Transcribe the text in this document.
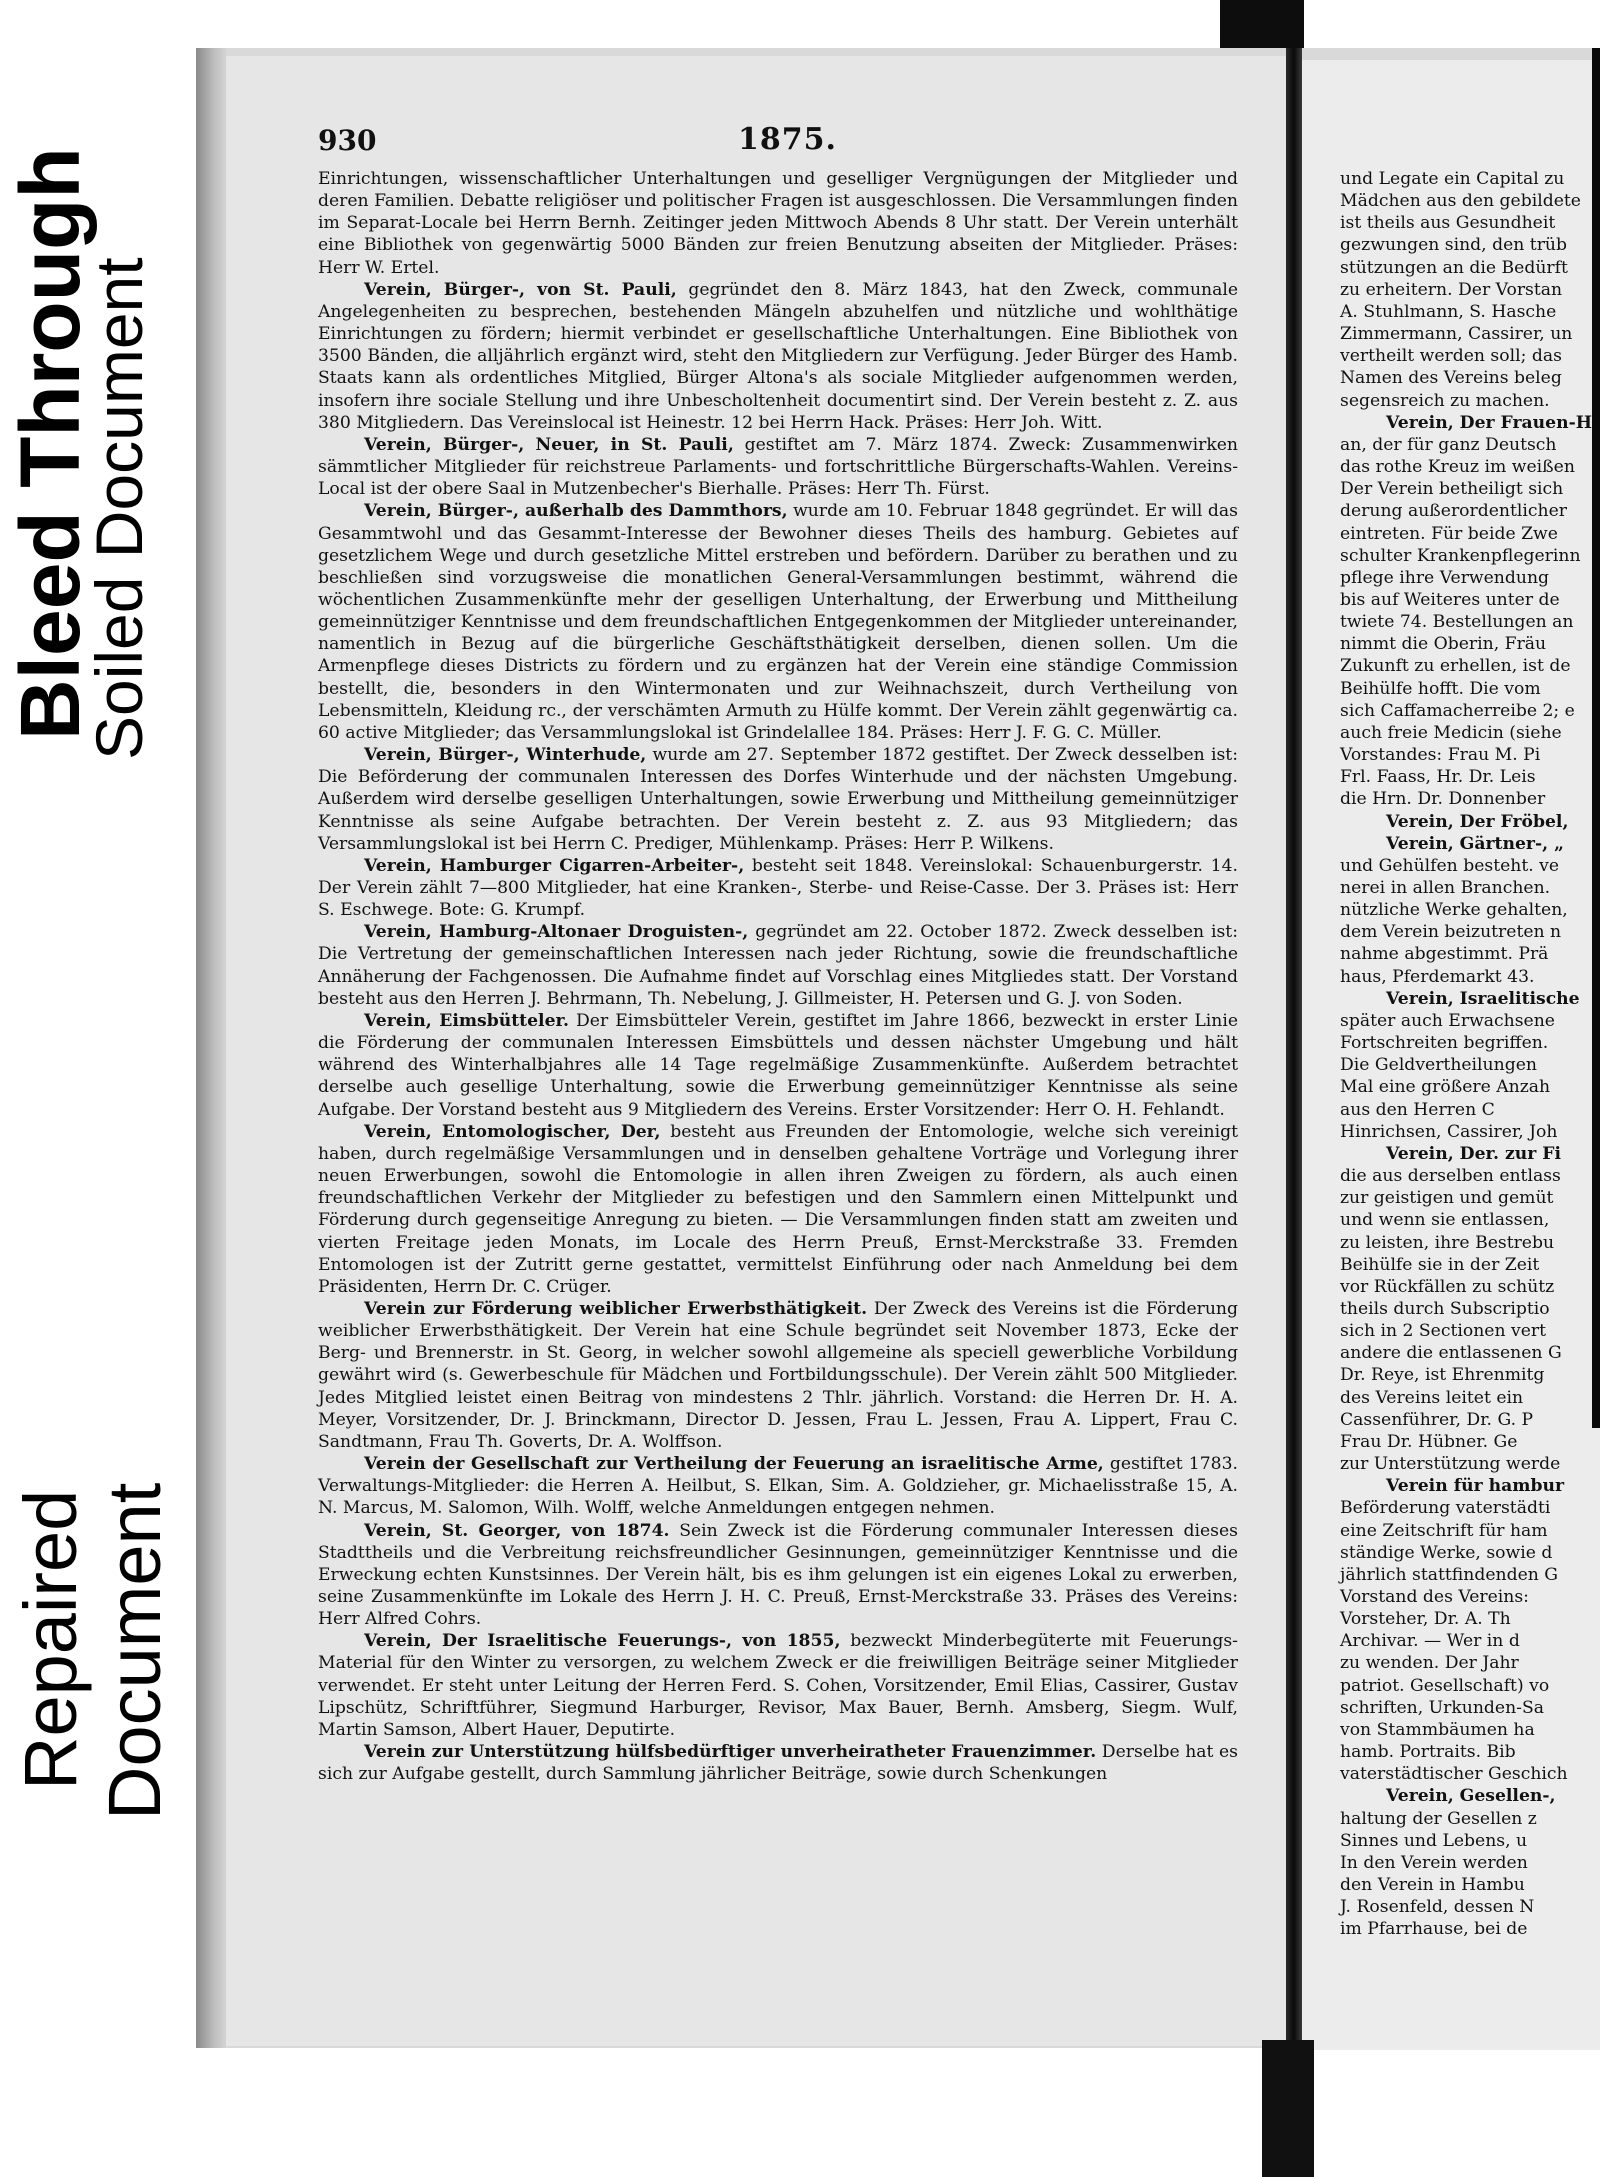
Bleed Through
Soiled Document
Repaired Document
930	1875.

Einrichtungen, wissenschaftlicher Unterhaltungen und geselliger Vergnügungen der Mitglieder und deren Familien. Debatte religiöser und politischer Fragen ist ausgeschlossen. Die Versammlungen finden im Separat-Locale bei Herrn Bernh. Zeitinger jeden Mittwoch Abends 8 Uhr statt. Der Verein unterhält eine Bibliothek von gegenwärtig 5000 Bänden zur freien Benutzung abseiten der Mitglieder. Präses: Herr W. Ertel.

Verein, Bürger-, von St. Pauli, gegründet den 8. März 1843, hat den Zweck, communale Angelegenheiten zu besprechen, bestehenden Mängeln abzuhelfen und nützliche und wohlthätige Einrichtungen zu fördern; hiermit verbindet er gesellschaftliche Unterhaltungen. Eine Bibliothek von 3500 Bänden, die alljährlich ergänzt wird, steht den Mitgliedern zur Verfügung. Jeder Bürger des Hamb. Staats kann als ordentliches Mitglied, Bürger Altona's als sociale Mitglieder aufgenommen werden, insofern ihre sociale Stellung und ihre Unbescholtenheit documentirt sind. Der Verein besteht z. Z. aus 380 Mitgliedern. Das Vereinslocal ist Heinestr. 12 bei Herrn Hack. Präses: Herr Joh. Witt.

Verein, Bürger-, Neuer, in St. Pauli, gestiftet am 7. März 1874. Zweck: Zusammenwirken sämmtlicher Mitglieder für reichstreue Parlaments- und fortschrittliche Bürgerschafts-Wahlen. Vereins-Local ist der obere Saal in Mutzenbecher's Bierhalle. Präses: Herr Th. Fürst.

Verein, Bürger-, außerhalb des Dammthors, wurde am 10. Februar 1848 gegründet. Er will das Gesammtwohl und das Gesammt-Interesse der Bewohner dieses Theils des hamburg. Gebietes auf gesetzlichem Wege und durch gesetzliche Mittel erstreben und befördern. Darüber zu berathen und zu beschließen sind vorzugsweise die monatlichen General-Versammlungen bestimmt, während die wöchentlichen Zusammenkünfte mehr der geselligen Unterhaltung, der Erwerbung und Mittheilung gemeinnütziger Kenntnisse und dem freundschaftlichen Entgegenkommen der Mitglieder untereinander, namentlich in Bezug auf die bürgerliche Geschäftsthätigkeit derselben, dienen sollen. Um die Armenpflege dieses Districts zu fördern und zu ergänzen hat der Verein eine ständige Commission bestellt, die, besonders in den Wintermonaten und zur Weihnachszeit, durch Vertheilung von Lebensmitteln, Kleidung rc., der verschämten Armuth zu Hülfe kommt. Der Verein zählt gegenwärtig ca. 60 active Mitglieder; das Versammlungslokal ist Grindelallee 184. Präses: Herr J. F. G. C. Müller.

Verein, Bürger-, Winterhude, wurde am 27. September 1872 gestiftet. Der Zweck desselben ist: Die Beförderung der communalen Interessen des Dorfes Winterhude und der nächsten Umgebung. Außerdem wird derselbe geselligen Unterhaltungen, sowie Erwerbung und Mittheilung gemeinnütziger Kenntnisse als seine Aufgabe betrachten. Der Verein besteht z. Z. aus 93 Mitgliedern; das Versammlungslokal ist bei Herrn C. Prediger, Mühlenkamp. Präses: Herr P. Wilkens.

Verein, Hamburger Cigarren-Arbeiter-, besteht seit 1848. Vereinslokal: Schauenburgerstr. 14. Der Verein zählt 7—800 Mitglieder, hat eine Kranken-, Sterbe- und Reise-Casse. Der 3. Präses ist: Herr S. Eschwege. Bote: G. Krumpf.

Verein, Hamburg-Altonaer Droguisten-, gegründet am 22. October 1872. Zweck desselben ist: Die Vertretung der gemeinschaftlichen Interessen nach jeder Richtung, sowie die freundschaftliche Annäherung der Fachgenossen. Die Aufnahme findet auf Vorschlag eines Mitgliedes statt. Der Vorstand besteht aus den Herren J. Behrmann, Th. Nebelung, J. Gillmeister, H. Petersen und G. J. von Soden.

Verein, Eimsbütteler. Der Eimsbütteler Verein, gestiftet im Jahre 1866, bezweckt in erster Linie die Förderung der communalen Interessen Eimsbüttels und dessen nächster Umgebung und hält während des Winterhalbjahres alle 14 Tage regelmäßige Zusammenkünfte. Außerdem betrachtet derselbe auch gesellige Unterhaltung, sowie die Erwerbung gemeinnütziger Kenntnisse als seine Aufgabe. Der Vorstand besteht aus 9 Mitgliedern des Vereins. Erster Vorsitzender: Herr O. H. Fehlandt.

Verein, Entomologischer, Der, besteht aus Freunden der Entomologie, welche sich vereinigt haben, durch regelmäßige Versammlungen und in denselben gehaltene Vorträge und Vorlegung ihrer neuen Erwerbungen, sowohl die Entomologie in allen ihren Zweigen zu fördern, als auch einen freundschaftlichen Verkehr der Mitglieder zu befestigen und den Sammlern einen Mittelpunkt und Förderung durch gegenseitige Anregung zu bieten. — Die Versammlungen finden statt am zweiten und vierten Freitage jeden Monats, im Locale des Herrn Preuß, Ernst-Merckstraße 33. Fremden Entomologen ist der Zutritt gerne gestattet, vermittelst Einführung oder nach Anmeldung bei dem Präsidenten, Herrn Dr. C. Crüger.

Verein zur Förderung weiblicher Erwerbsthätigkeit. Der Zweck des Vereins ist die Förderung weiblicher Erwerbsthätigkeit. Der Verein hat eine Schule begründet seit November 1873, Ecke der Berg- und Brennerstr. in St. Georg, in welcher sowohl allgemeine als speciell gewerbliche Vorbildung gewährt wird (s. Gewerbeschule für Mädchen und Fortbildungsschule). Der Verein zählt 500 Mitglieder. Jedes Mitglied leistet einen Beitrag von mindestens 2 Thlr. jährlich. Vorstand: die Herren Dr. H. A. Meyer, Vorsitzender, Dr. J. Brinckmann, Director D. Jessen, Frau L. Jessen, Frau A. Lippert, Frau C. Sandtmann, Frau Th. Goverts, Dr. A. Wolffson.

Verein der Gesellschaft zur Vertheilung der Feuerung an israelitische Arme, gestiftet 1783. Verwaltungs-Mitglieder: die Herren A. Heilbut, S. Elkan, Sim. A. Goldzieher, gr. Michaelisstraße 15, A. N. Marcus, M. Salomon, Wilh. Wolff, welche Anmeldungen entgegen nehmen.

Verein, St. Georger, von 1874. Sein Zweck ist die Förderung communaler Interessen dieses Stadttheils und die Verbreitung reichsfreundlicher Gesinnungen, gemeinnütziger Kenntnisse und die Erweckung echten Kunstsinnes. Der Verein hält, bis es ihm gelungen ist ein eigenes Lokal zu erwerben, seine Zusammenkünfte im Lokale des Herrn J. H. C. Preuß, Ernst-Merckstraße 33. Präses des Vereins: Herr Alfred Cohrs.

Verein, Der Israelitische Feuerungs-, von 1855, bezweckt Minderbegüterte mit Feuerungs-Material für den Winter zu versorgen, zu welchem Zweck er die freiwilligen Beiträge seiner Mitglieder verwendet. Er steht unter Leitung der Herren Ferd. S. Cohen, Vorsitzender, Emil Elias, Cassirer, Gustav Lipschütz, Schriftführer, Siegmund Harburger, Revisor, Max Bauer, Bernh. Amsberg, Siegm. Wulf, Martin Samson, Albert Hauer, Deputirte.

Verein zur Unterstützung hülfsbedürftiger unverheiratheter Frauenzimmer. Derselbe hat es sich zur Aufgabe gestellt, durch Sammlung jährlicher Beiträge, sowie durch Schenkungen

und Legate ein Capital zu
Mädchen aus den gebildete
ist theils aus Gesundheit
gezwungen sind, den trüb
stützungen an die Bedürft
zu erheitern. Der Vorstan
A. Stuhlmann, S. Hasche
Zimmermann, Cassirer, un
vertheilt werden soll; das
Namen des Vereins beleg
segensreich zu machen.
Verein, Der Frauen-H
an, der für ganz Deutsch
das rothe Kreuz im weißen
Der Verein betheiligt sich
derung außerordentlicher
eintreten. Für beide Zwe
schulter Krankenpflegerinn
pflege ihre Verwendung
bis auf Weiteres unter de
twiete 74. Bestellungen an
nimmt die Oberin, Fräu
Zukunft zu erhellen, ist de
Beihülfe hofft. Die vom
sich Caffamacherreibe 2; e
auch freie Medicin (siehe
Vorstandes: Frau M. Pi
Frl. Faass, Hr. Dr. Leis
die Hrn. Dr. Donnenber
Verein, Der Fröbel,
Verein, Gärtner-, „
und Gehülfen besteht. ve
nerei in allen Branchen.
nützliche Werke gehalten,
dem Verein beizutreten n
nahme abgestimmt. Prä
haus, Pferdemarkt 43.
Verein, Israelitische
später auch Erwachsene
Fortschreiten begriffen.
Die Geldvertheilungen
Mal eine größere Anzah
aus den Herren C
Hinrichsen, Cassirer, Joh
Verein, Der. zur Fi
die aus derselben entlass
zur geistigen und gemüt
und wenn sie entlassen,
zu leisten, ihre Bestrebu
Beihülfe sie in der Zeit
vor Rückfällen zu schütz
theils durch Subscriptio
sich in 2 Sectionen vert
andere die entlassenen G
Dr. Reye, ist Ehrenmitg
des Vereins leitet ein
Cassenführer, Dr. G. P
Frau Dr. Hübner. Ge
zur Unterstützung werde
Verein für hambur
Beförderung vaterstädti
eine Zeitschrift für ham
ständige Werke, sowie d
jährlich stattfindenden G
Vorstand des Vereins:
Vorsteher, Dr. A. Th
Archivar. — Wer in d
zu wenden. Der Jahr
patriot. Gesellschaft) vo
schriften, Urkunden-Sa
von Stammbäumen ha
hamb. Portraits. Bib
vaterstädtischer Geschich
Verein, Gesellen-,
haltung der Gesellen z
Sinnes und Lebens, u
In den Verein werden
den Verein in Hambu
J. Rosenfeld, dessen N
im Pfarrhause, bei de
